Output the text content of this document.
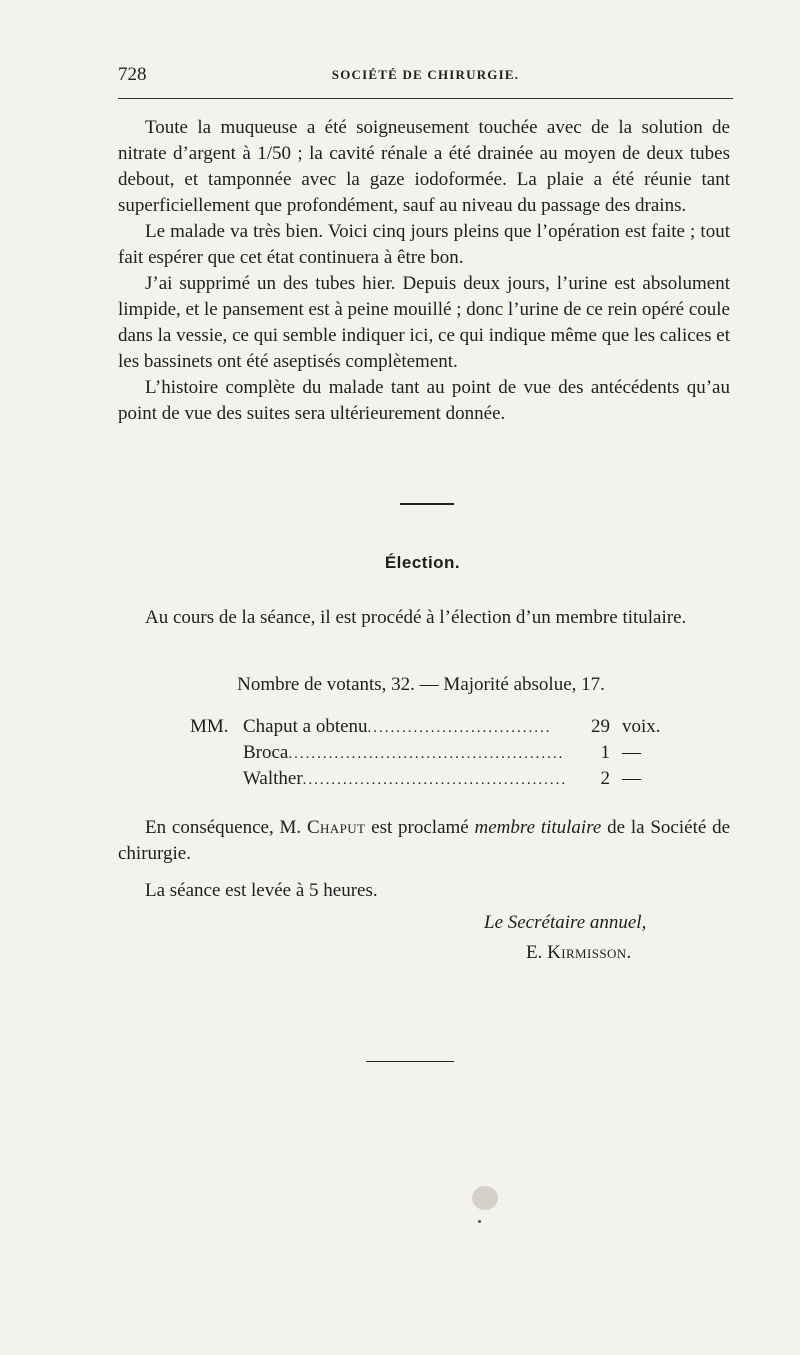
728	SOCIÉTÉ DE CHIRURGIE.

Toute la muqueuse a été soigneusement touchée avec de la solution de nitrate d’argent à 1/50 ; la cavité rénale a été drainée au moyen de deux tubes debout, et tamponnée avec la gaze iodoformée. La plaie a été réunie tant superficiellement que profondément, sauf au niveau du passage des drains.

Le malade va très bien. Voici cinq jours pleins que l’opération est faite ; tout fait espérer que cet état continuera à être bon.

J’ai supprimé un des tubes hier. Depuis deux jours, l’urine est absolument limpide, et le pansement est à peine mouillé ; donc l’urine de ce rein opéré coule dans la vessie, ce qui semble indiquer ici, ce qui indique même que les calices et les bassinets ont été aseptisés complètement.

L’histoire complète du malade tant au point de vue des antécédents qu’au point de vue des suites sera ultérieurement donnée.

Élection.

Au cours de la séance, il est procédé à l’élection d’un membre titulaire.

Nombre de votants, 32. — Majorité absolue, 17.
MM. Chaput a obtenu................................	29 voix.
Broca................................................	1 —
Walther..............................................	2 —

En conséquence, M. Chaput est proclamé membre titulaire de la Société de chirurgie.

La séance est levée à 5 heures.

Le Secrétaire annuel,
E. Kirmisson.
